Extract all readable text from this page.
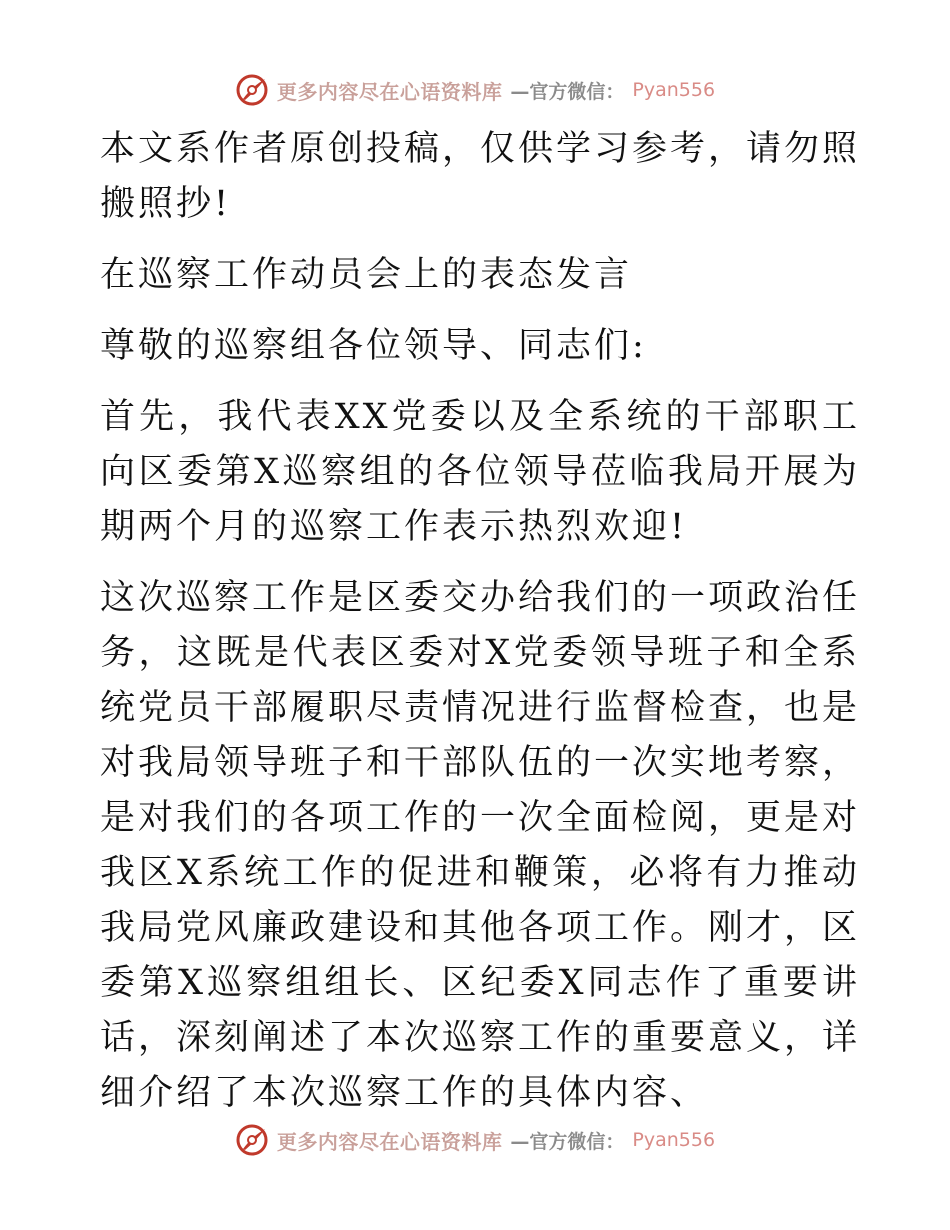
更多内容尽在心语资料库 —官方微信： Pyan556

本文系作者原创投稿，仅供学习参考，请勿照搬照抄!

在巡察工作动员会上的表态发言

尊敬的巡察组各位领导、同志们:

首先，我代表XX党委以及全系统的干部职工向区委第X巡察组的各位领导莅临我局开展为期两个月的巡察工作表示热烈欢迎!

这次巡察工作是区委交办给我们的一项政治任务，这既是代表区委对X党委领导班子和全系统党员干部履职尽责情况进行监督检查，也是对我局领导班子和干部队伍的一次实地考察，是对我们的各项工作的一次全面检阅，更是对我区X系统工作的促进和鞭策，必将有力推动我局党风廉政建设和其他各项工作。刚才，区委第X巡察组组长、区纪委X同志作了重要讲话，深刻阐述了本次巡察工作的重要意义，详细介绍了本次巡察工作的具体内容、

更多内容尽在心语资料库 —官方微信： Pyan556
